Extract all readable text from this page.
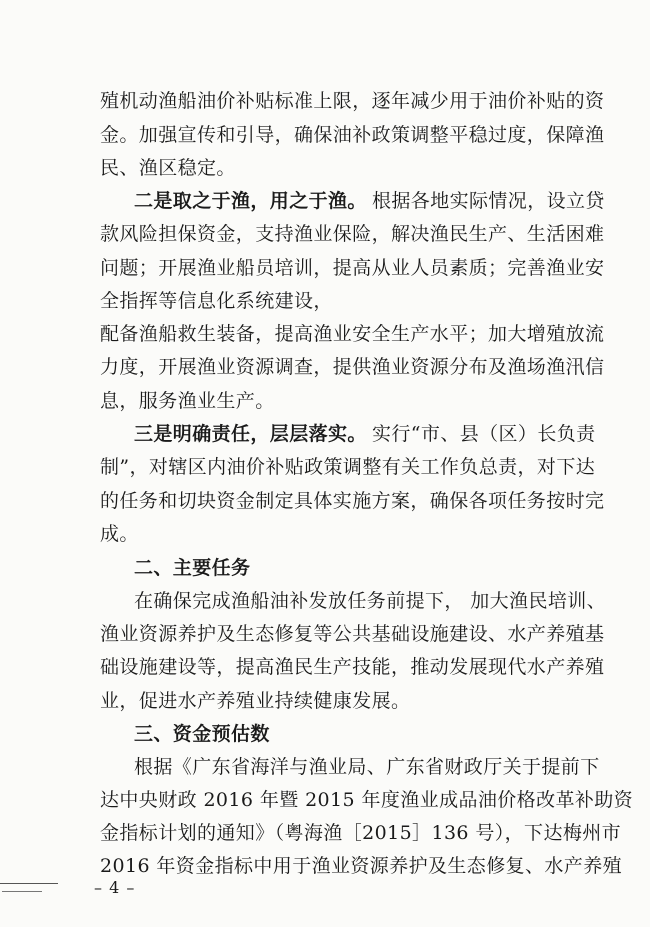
殖机动渔船油价补贴标准上限，逐年减少用于油价补贴的资

金。加强宣传和引导，确保油补政策调整平稳过度，保障渔

民、渔区稳定。

二是取之于渔，用之于渔。 根据各地实际情况，设立贷

款风险担保资金，支持渔业保险，解决渔民生产、生活困难

问题；开展渔业船员培训，提高从业人员素质；完善渔业安

全指挥等信息化系统建设，

配备渔船救生装备，提高渔业安全生产水平；加大增殖放流

力度，开展渔业资源调查，提供渔业资源分布及渔场渔汛信

息，服务渔业生产。

三是明确责任，层层落实。 实行“市、县（区）长负责

制”，对辖区内油价补贴政策调整有关工作负总责，对下达

的任务和切块资金制定具体实施方案，确保各项任务按时完

成。

二、主要任务

在确保完成渔船油补发放任务前提下， 加大渔民培训、

渔业资源养护及生态修复等公共基础设施建设、水产养殖基

础设施建设等，提高渔民生产技能，推动发展现代水产养殖

业，促进水产养殖业持续健康发展。

三、资金预估数

根据《广东省海洋与渔业局、广东省财政厅关于提前下

达中央财政 2016 年暨 2015 年度渔业成品油价格改革补助资

金指标计划的通知》（粤海渔［2015］136 号），下达梅州市

2016 年资金指标中用于渔业资源养护及生态修复、水产养殖

– 4 –
